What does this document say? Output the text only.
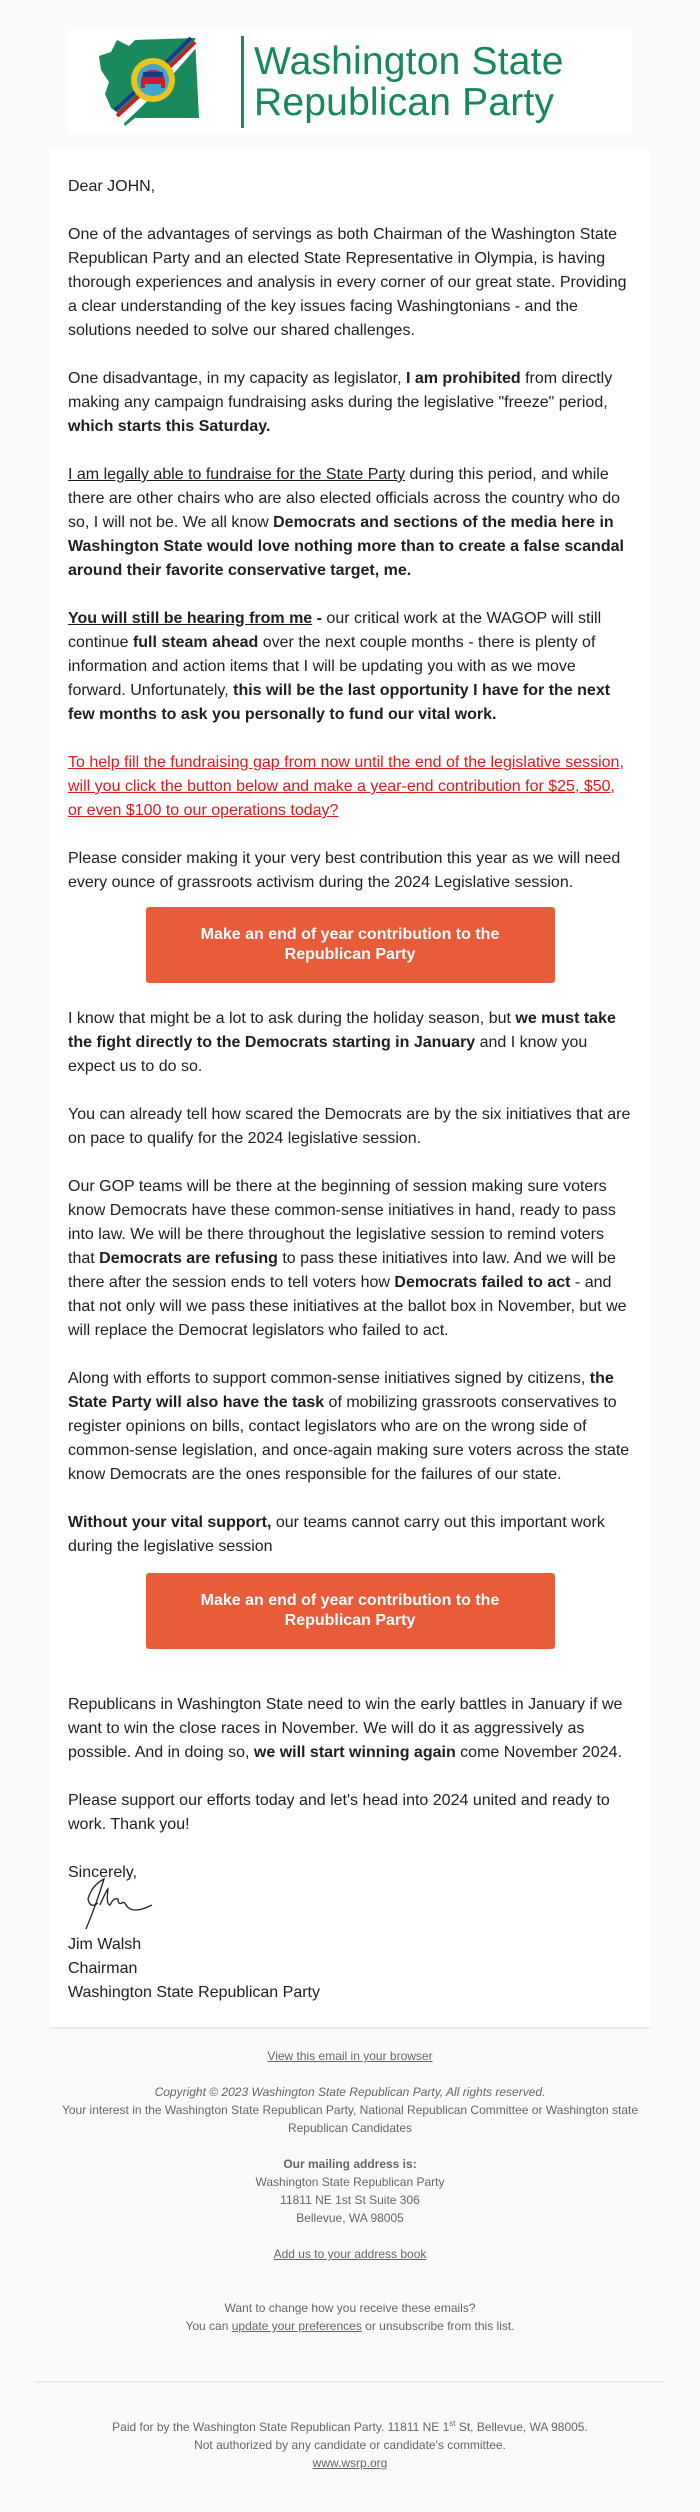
Washington State
Republican Party

Dear JOHN,

One of the advantages of servings as both Chairman of the Washington State Republican Party and an elected State Representative in Olympia, is having thorough experiences and analysis in every corner of our great state. Providing a clear understanding of the key issues facing Washingtonians - and the solutions needed to solve our shared challenges.

One disadvantage, in my capacity as legislator, I am prohibited from directly making any campaign fundraising asks during the legislative "freeze" period, which starts this Saturday.

I am legally able to fundraise for the State Party during this period, and while there are other chairs who are also elected officials across the country who do so, I will not be. We all know Democrats and sections of the media here in Washington State would love nothing more than to create a false scandal around their favorite conservative target, me.

You will still be hearing from me - our critical work at the WAGOP will still continue full steam ahead over the next couple months - there is plenty of information and action items that I will be updating you with as we move forward. Unfortunately, this will be the last opportunity I have for the next few months to ask you personally to fund our vital work.

To help fill the fundraising gap from now until the end of the legislative session, will you click the button below and make a year-end contribution for $25, $50, or even $100 to our operations today?

Please consider making it your very best contribution this year as we will need every ounce of grassroots activism during the 2024 Legislative session.

Make an end of year contribution to the Republican Party

I know that might be a lot to ask during the holiday season, but we must take the fight directly to the Democrats starting in January and I know you expect us to do so.

You can already tell how scared the Democrats are by the six initiatives that are on pace to qualify for the 2024 legislative session.

Our GOP teams will be there at the beginning of session making sure voters know Democrats have these common-sense initiatives in hand, ready to pass into law. We will be there throughout the legislative session to remind voters that Democrats are refusing to pass these initiatives into law. And we will be there after the session ends to tell voters how Democrats failed to act - and that not only will we pass these initiatives at the ballot box in November, but we will replace the Democrat legislators who failed to act.

Along with efforts to support common-sense initiatives signed by citizens, the State Party will also have the task of mobilizing grassroots conservatives to register opinions on bills, contact legislators who are on the wrong side of common-sense legislation, and once-again making sure voters across the state know Democrats are the ones responsible for the failures of our state.

Without your vital support, our teams cannot carry out this important work during the legislative session

Make an end of year contribution to the Republican Party

Republicans in Washington State need to win the early battles in January if we want to win the close races in November. We will do it as aggressively as possible. And in doing so, we will start winning again come November 2024.

Please support our efforts today and let's head into 2024 united and ready to work. Thank you!

Sincerely,

Jim Walsh

Chairman

Washington State Republican Party

View this email in your browser
Copyright © 2023 Washington State Republican Party, All rights reserved.
Your interest in the Washington State Republican Party, National Republican Committee or Washington state Republican Candidates
Our mailing address is:
Washington State Republican Party
11811 NE 1st St Suite 306
Bellevue, WA 98005
Add us to your address book
Want to change how you receive these emails?
You can update your preferences or unsubscribe from this list.
Paid for by the Washington State Republican Party. 11811 NE 1st St, Bellevue, WA 98005.
Not authorized by any candidate or candidate's committee.
www.wsrp.org
